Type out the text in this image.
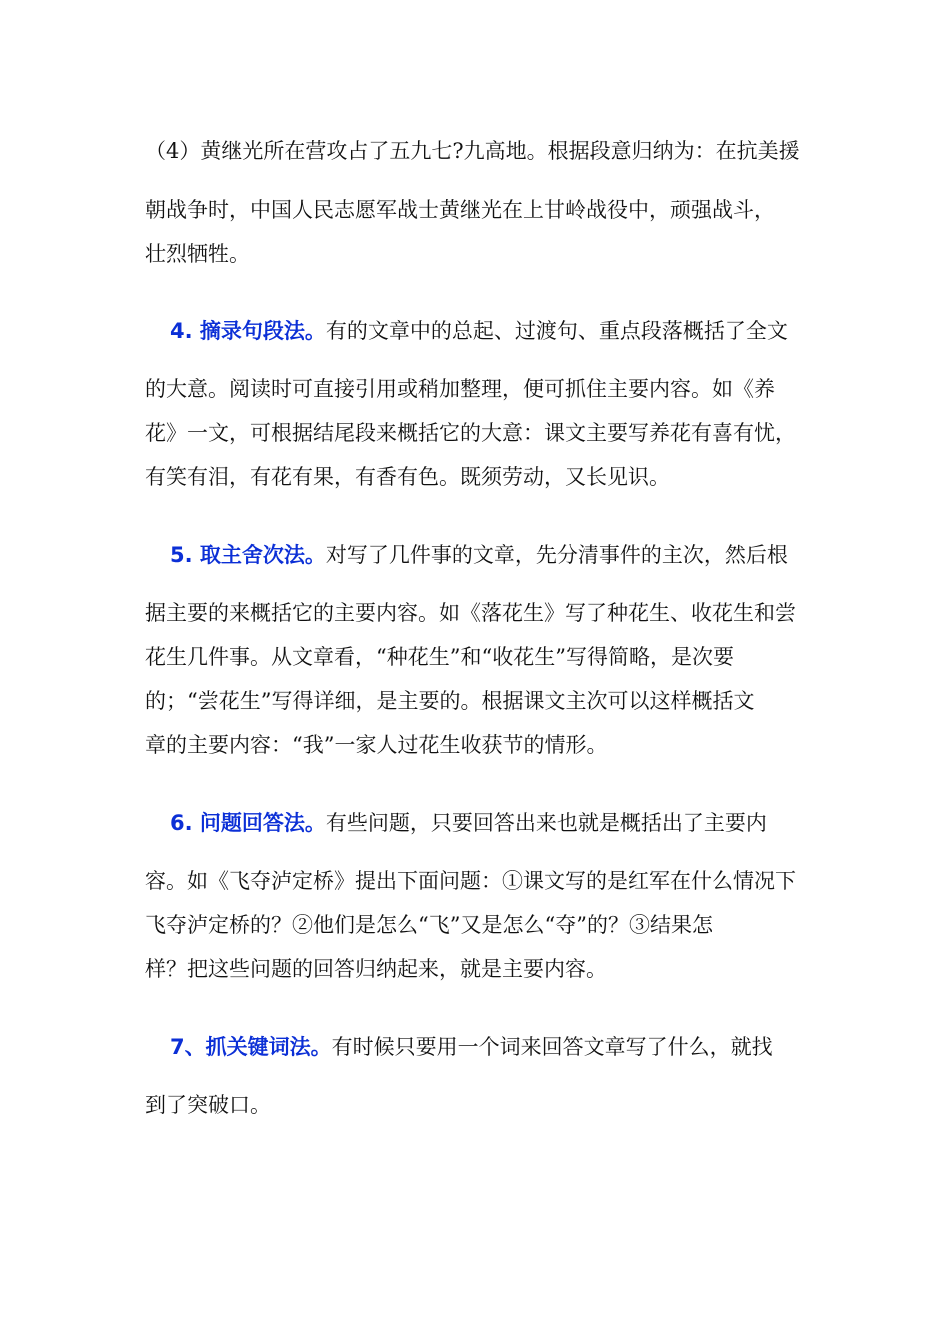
（4）黄继光所在营攻占了五九七?九高地。根据段意归纳为：在抗美援
朝战争时，中国人民志愿军战士黄继光在上甘岭战役中，顽强战斗，
壮烈牺牲。
4. 摘录句段法。有的文章中的总起、过渡句、重点段落概括了全文
的大意。阅读时可直接引用或稍加整理，便可抓住主要内容。如《养
花》一文，可根据结尾段来概括它的大意：课文主要写养花有喜有忧，
有笑有泪，有花有果，有香有色。既须劳动，又长见识。
5. 取主舍次法。对写了几件事的文章，先分清事件的主次，然后根
据主要的来概括它的主要内容。如《落花生》写了种花生、收花生和尝
花生几件事。从文章看，“种花生”和“收花生”写得简略，是次要
的；“尝花生”写得详细，是主要的。根据课文主次可以这样概括文
章的主要内容：“我”一家人过花生收获节的情形。
6. 问题回答法。有些问题，只要回答出来也就是概括出了主要内
容。如《飞夺泸定桥》提出下面问题：①课文写的是红军在什么情况下
飞夺泸定桥的？②他们是怎么“飞”又是怎么“夺”的？③结果怎
样？把这些问题的回答归纳起来，就是主要内容。
7、抓关键词法。有时候只要用一个词来回答文章写了什么，就找
到了突破口。
